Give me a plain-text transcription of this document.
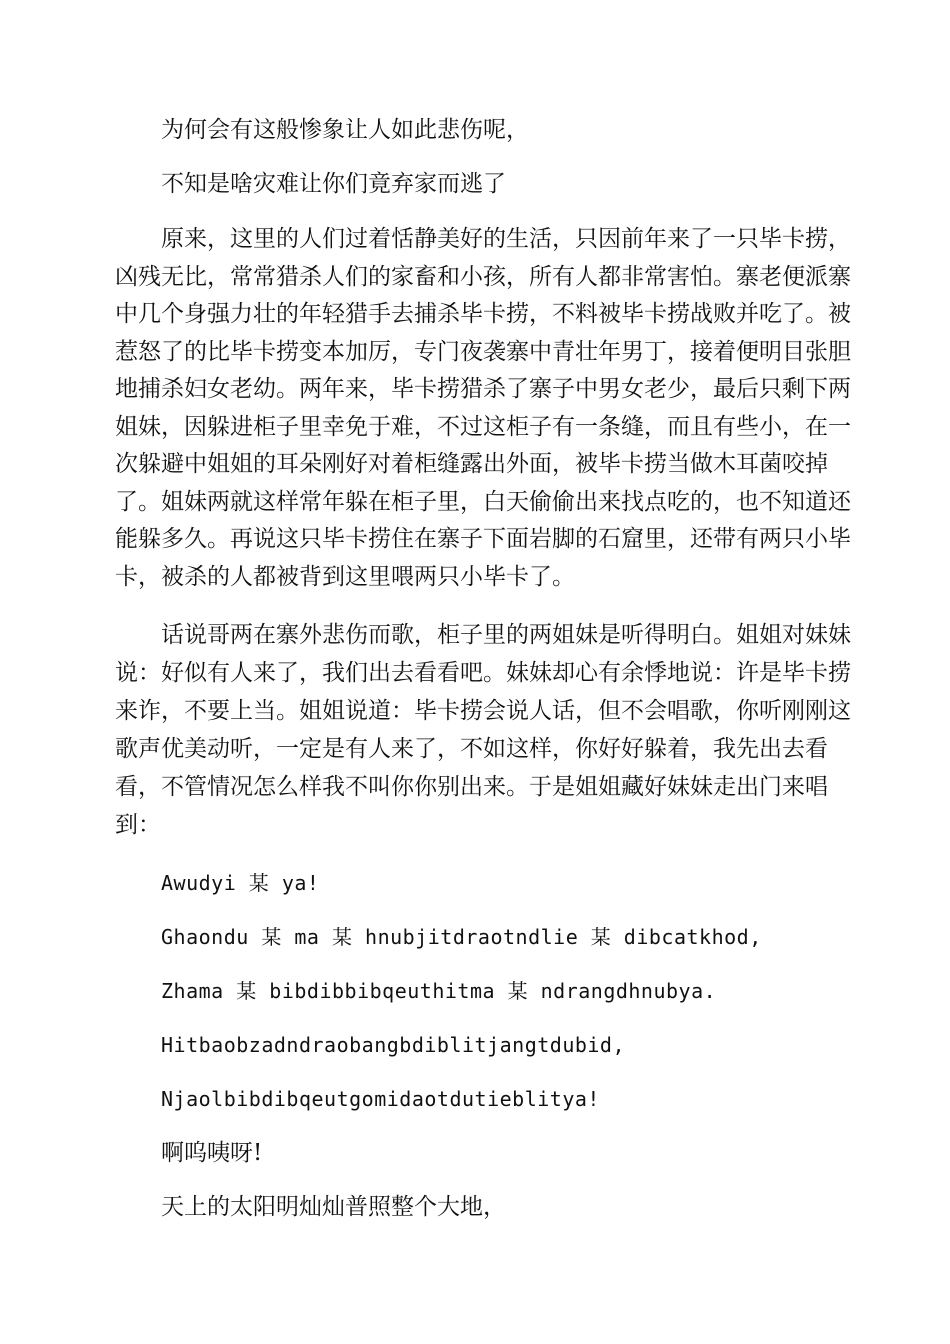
为何会有这般惨象让人如此悲伤呢，
不知是啥灾难让你们竟弃家而逃了
原来，这里的人们过着恬静美好的生活，只因前年来了一只毕卡捞，
凶残无比，常常猎杀人们的家畜和小孩，所有人都非常害怕。寨老便派寨
中几个身强力壮的年轻猎手去捕杀毕卡捞，不料被毕卡捞战败并吃了。被
惹怒了的比毕卡捞变本加厉，专门夜袭寨中青壮年男丁，接着便明目张胆
地捕杀妇女老幼。两年来，毕卡捞猎杀了寨子中男女老少，最后只剩下两
姐妹，因躲进柜子里幸免于难，不过这柜子有一条缝，而且有些小，在一
次躲避中姐姐的耳朵刚好对着柜缝露出外面，被毕卡捞当做木耳菌咬掉
了。姐妹两就这样常年躲在柜子里，白天偷偷出来找点吃的，也不知道还
能躲多久。再说这只毕卡捞住在寨子下面岩脚的石窟里，还带有两只小毕
卡，被杀的人都被背到这里喂两只小毕卡了。
话说哥两在寨外悲伤而歌，柜子里的两姐妹是听得明白。姐姐对妹妹
说：好似有人来了，我们出去看看吧。妹妹却心有余悸地说：许是毕卡捞
来诈，不要上当。姐姐说道：毕卡捞会说人话，但不会唱歌，你听刚刚这
歌声优美动听，一定是有人来了，不如这样，你好好躲着，我先出去看
看，不管情况怎么样我不叫你你别出来。于是姐姐藏好妹妹走出门来唱
到：
Awudyi 某 ya!
Ghaondu 某 ma 某 hnubjitdraotndlie 某 dibcatkhod,
Zhama 某 bibdibbibqeuthitma 某 ndrangdhnubya.
Hitbaobzadndraobangbdiblitjangtdubid,
Njaolbibdibqeutgomidaotdutieblitya!
啊呜咦呀!
天上的太阳明灿灿普照整个大地，
